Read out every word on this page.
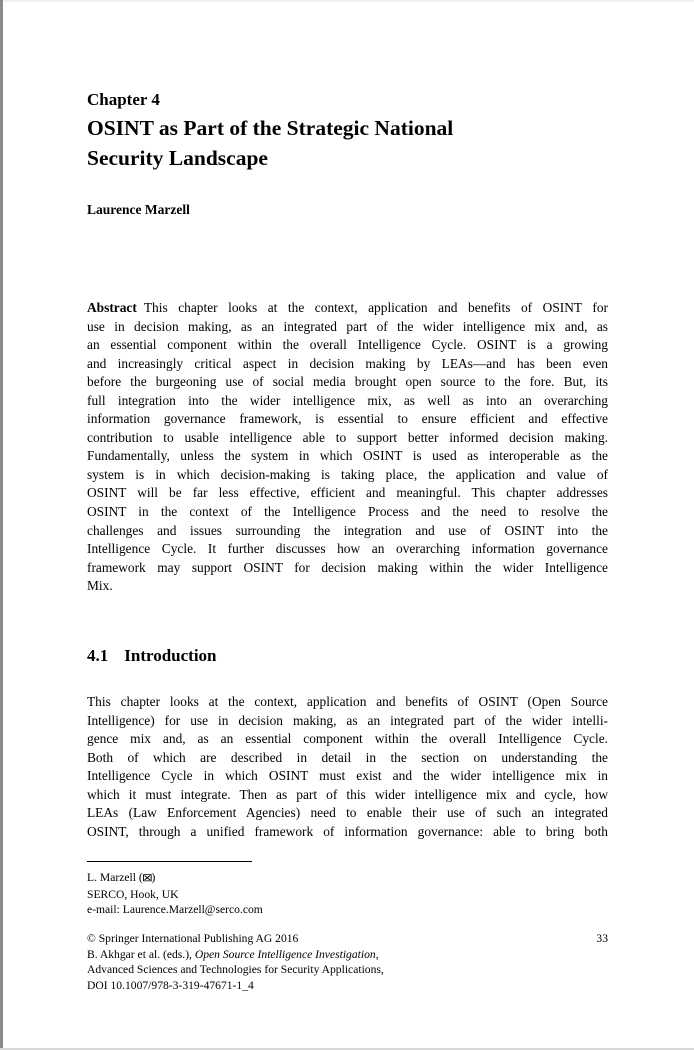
Chapter 4
OSINT as Part of the Strategic National
Security Landscape
Laurence Marzell
Abstract This chapter looks at the context, application and benefits of OSINT for
use in decision making, as an integrated part of the wider intelligence mix and, as
an essential component within the overall Intelligence Cycle. OSINT is a growing
and increasingly critical aspect in decision making by LEAs—and has been even
before the burgeoning use of social media brought open source to the fore. But, its
full integration into the wider intelligence mix, as well as into an overarching
information governance framework, is essential to ensure efficient and effective
contribution to usable intelligence able to support better informed decision making.
Fundamentally, unless the system in which OSINT is used as interoperable as the
system is in which decision-making is taking place, the application and value of
OSINT will be far less effective, efficient and meaningful. This chapter addresses
OSINT in the context of the Intelligence Process and the need to resolve the
challenges and issues surrounding the integration and use of OSINT into the
Intelligence Cycle. It further discusses how an overarching information governance
framework may support OSINT for decision making within the wider Intelligence
Mix.
4.1 Introduction
This chapter looks at the context, application and benefits of OSINT (Open Source
Intelligence) for use in decision making, as an integrated part of the wider intelli-
gence mix and, as an essential component within the overall Intelligence Cycle.
Both of which are described in detail in the section on understanding the
Intelligence Cycle in which OSINT must exist and the wider intelligence mix in
which it must integrate. Then as part of this wider intelligence mix and cycle, how
LEAs (Law Enforcement Agencies) need to enable their use of such an integrated
OSINT, through a unified framework of information governance: able to bring both
L. Marzell (⊠)
SERCO, Hook, UK
e-mail: Laurence.Marzell@serco.com
© Springer International Publishing AG 2016
B. Akhgar et al. (eds.), Open Source Intelligence Investigation,
Advanced Sciences and Technologies for Security Applications,
DOI 10.1007/978-3-319-47671-1_4
33
